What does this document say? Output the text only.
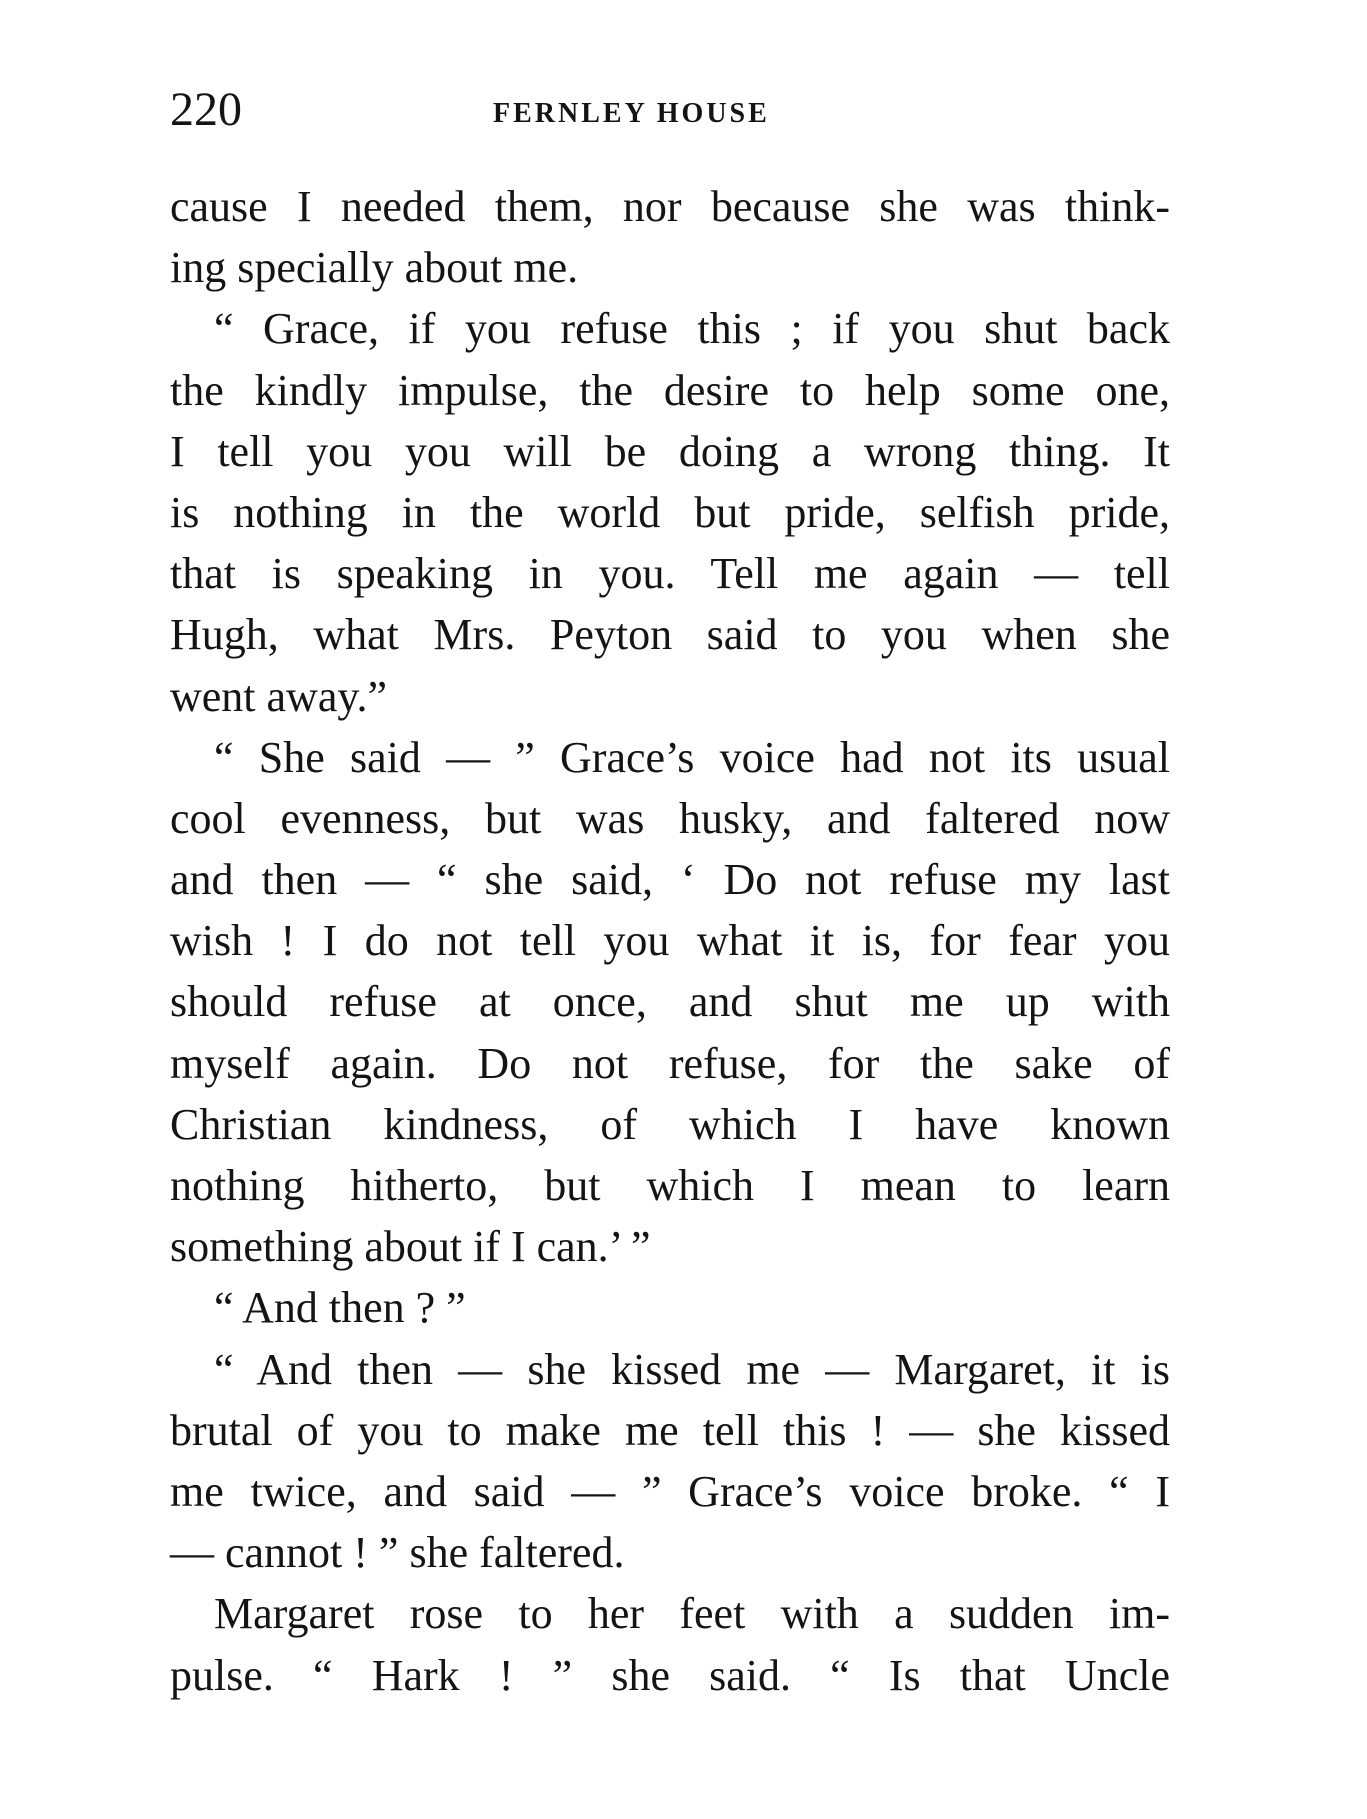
220	FERNLEY HOUSE
cause I needed them, nor because she was think-
ing specially about me.
“ Grace, if you refuse this ; if you shut back
the kindly impulse, the desire to help some one,
I tell you you will be doing a wrong thing. It
is nothing in the world but pride, selfish pride,
that is speaking in you. Tell me again — tell
Hugh, what Mrs. Peyton said to you when she
went away.”
“ She said — ” Grace’s voice had not its usual
cool evenness, but was husky, and faltered now
and then — “ she said, ‘ Do not refuse my last
wish ! I do not tell you what it is, for fear you
should refuse at once, and shut me up with
myself again. Do not refuse, for the sake of
Christian kindness, of which I have known
nothing hitherto, but which I mean to learn
something about if I can.’ ”
“ And then ? ”
“ And then — she kissed me — Margaret, it is
brutal of you to make me tell this ! — she kissed
me twice, and said — ” Grace’s voice broke. “ I
— cannot ! ” she faltered.
Margaret rose to her feet with a sudden im-
pulse. “ Hark ! ” she said. “ Is that Uncle
